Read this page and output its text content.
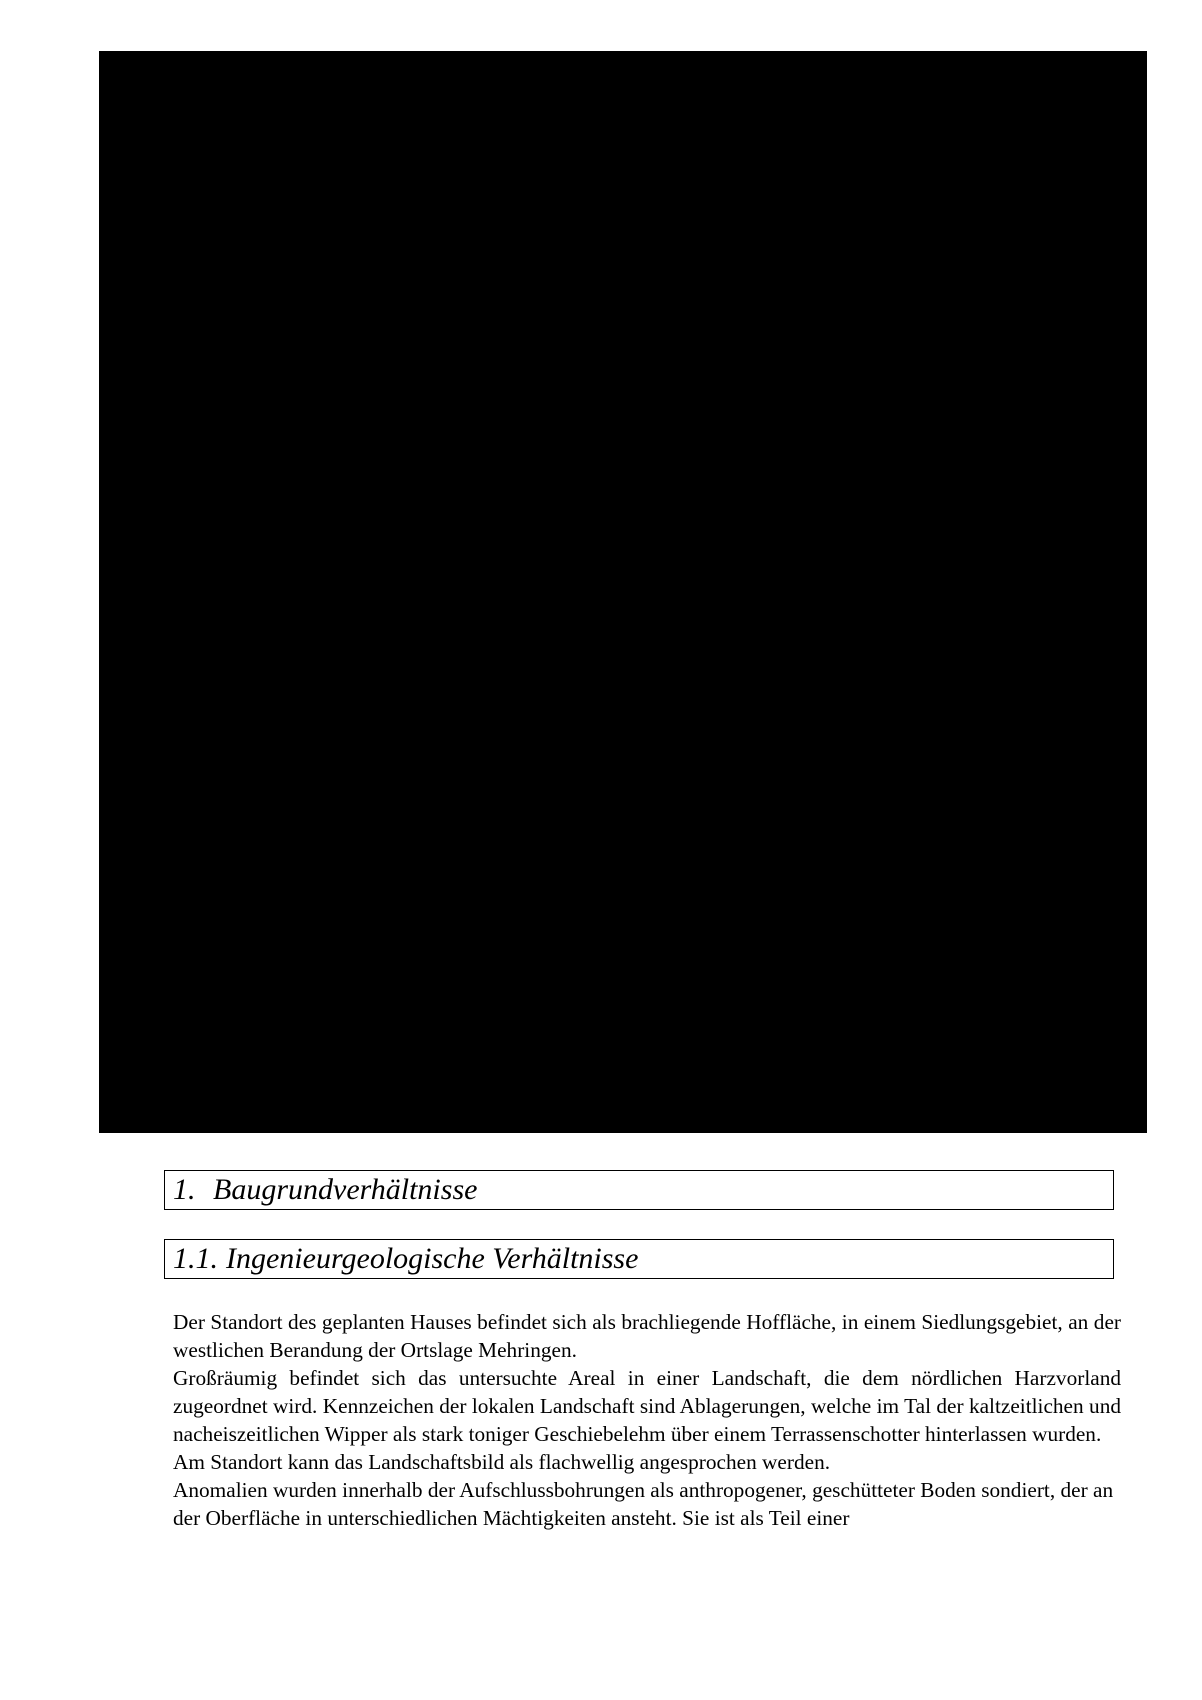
1. Baugrundverhältnisse
1.1. Ingenieurgeologische Verhältnisse

Der Standort des geplanten Hauses befindet sich als brachliegende Hoffläche, in einem Siedlungsgebiet, an der westlichen Berandung der Ortslage Mehringen.

Großräumig befindet sich das untersuchte Areal in einer Landschaft, die dem nördlichen Harzvorland zugeordnet wird. Kennzeichen der lokalen Landschaft sind Ablagerungen, welche im Tal der kaltzeitlichen und nacheiszeitlichen Wipper als stark toniger Geschiebelehm über einem Terrassenschotter hinterlassen wurden.

Am Standort kann das Landschaftsbild als flachwellig angesprochen werden.

Anomalien wurden innerhalb der Aufschlussbohrungen als anthropogener, geschütteter Boden sondiert, der an der Oberfläche in unterschiedlichen Mächtigkeiten ansteht. Sie ist als Teil einer
